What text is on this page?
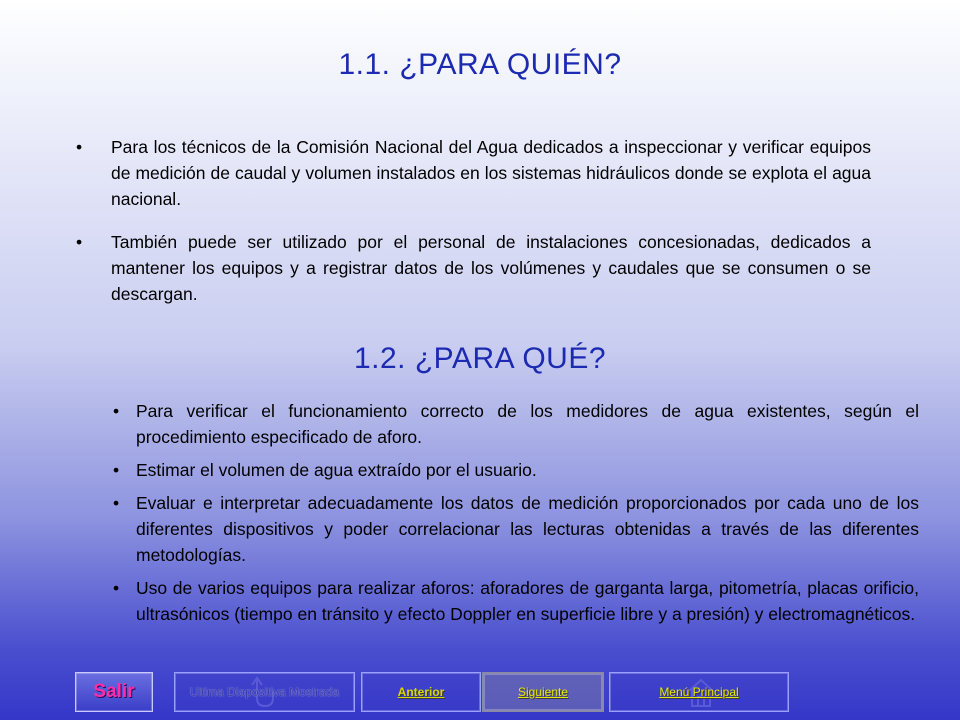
1.1. ¿PARA QUIÉN?
• Para los técnicos de la Comisión Nacional del Agua dedicados a inspeccionar y verificar equipos de medición de caudal y volumen instalados en los sistemas hidráulicos donde se explota el agua nacional.
• También puede ser utilizado por el personal de instalaciones concesionadas, dedicados a mantener los equipos y a registrar datos de los volúmenes y caudales que se consumen o se descargan.
1.2. ¿PARA QUÉ?
• Para verificar el funcionamiento correcto de los medidores de agua existentes, según el procedimiento especificado de aforo.
• Estimar el volumen de agua extraído por el usuario.
• Evaluar e interpretar adecuadamente los datos de medición proporcionados por cada uno de los diferentes dispositivos y poder correlacionar las lecturas obtenidas a través de las diferentes metodologías.
• Uso de varios equipos para realizar aforos: aforadores de garganta larga, pitometría, placas orificio, ultrasónicos (tiempo en tránsito y efecto Doppler en superficie libre y a presión) y electromagnéticos.
Salir	Ultima Diapositiva Mostrada	Anterior	Siguiente	Menú Principal
